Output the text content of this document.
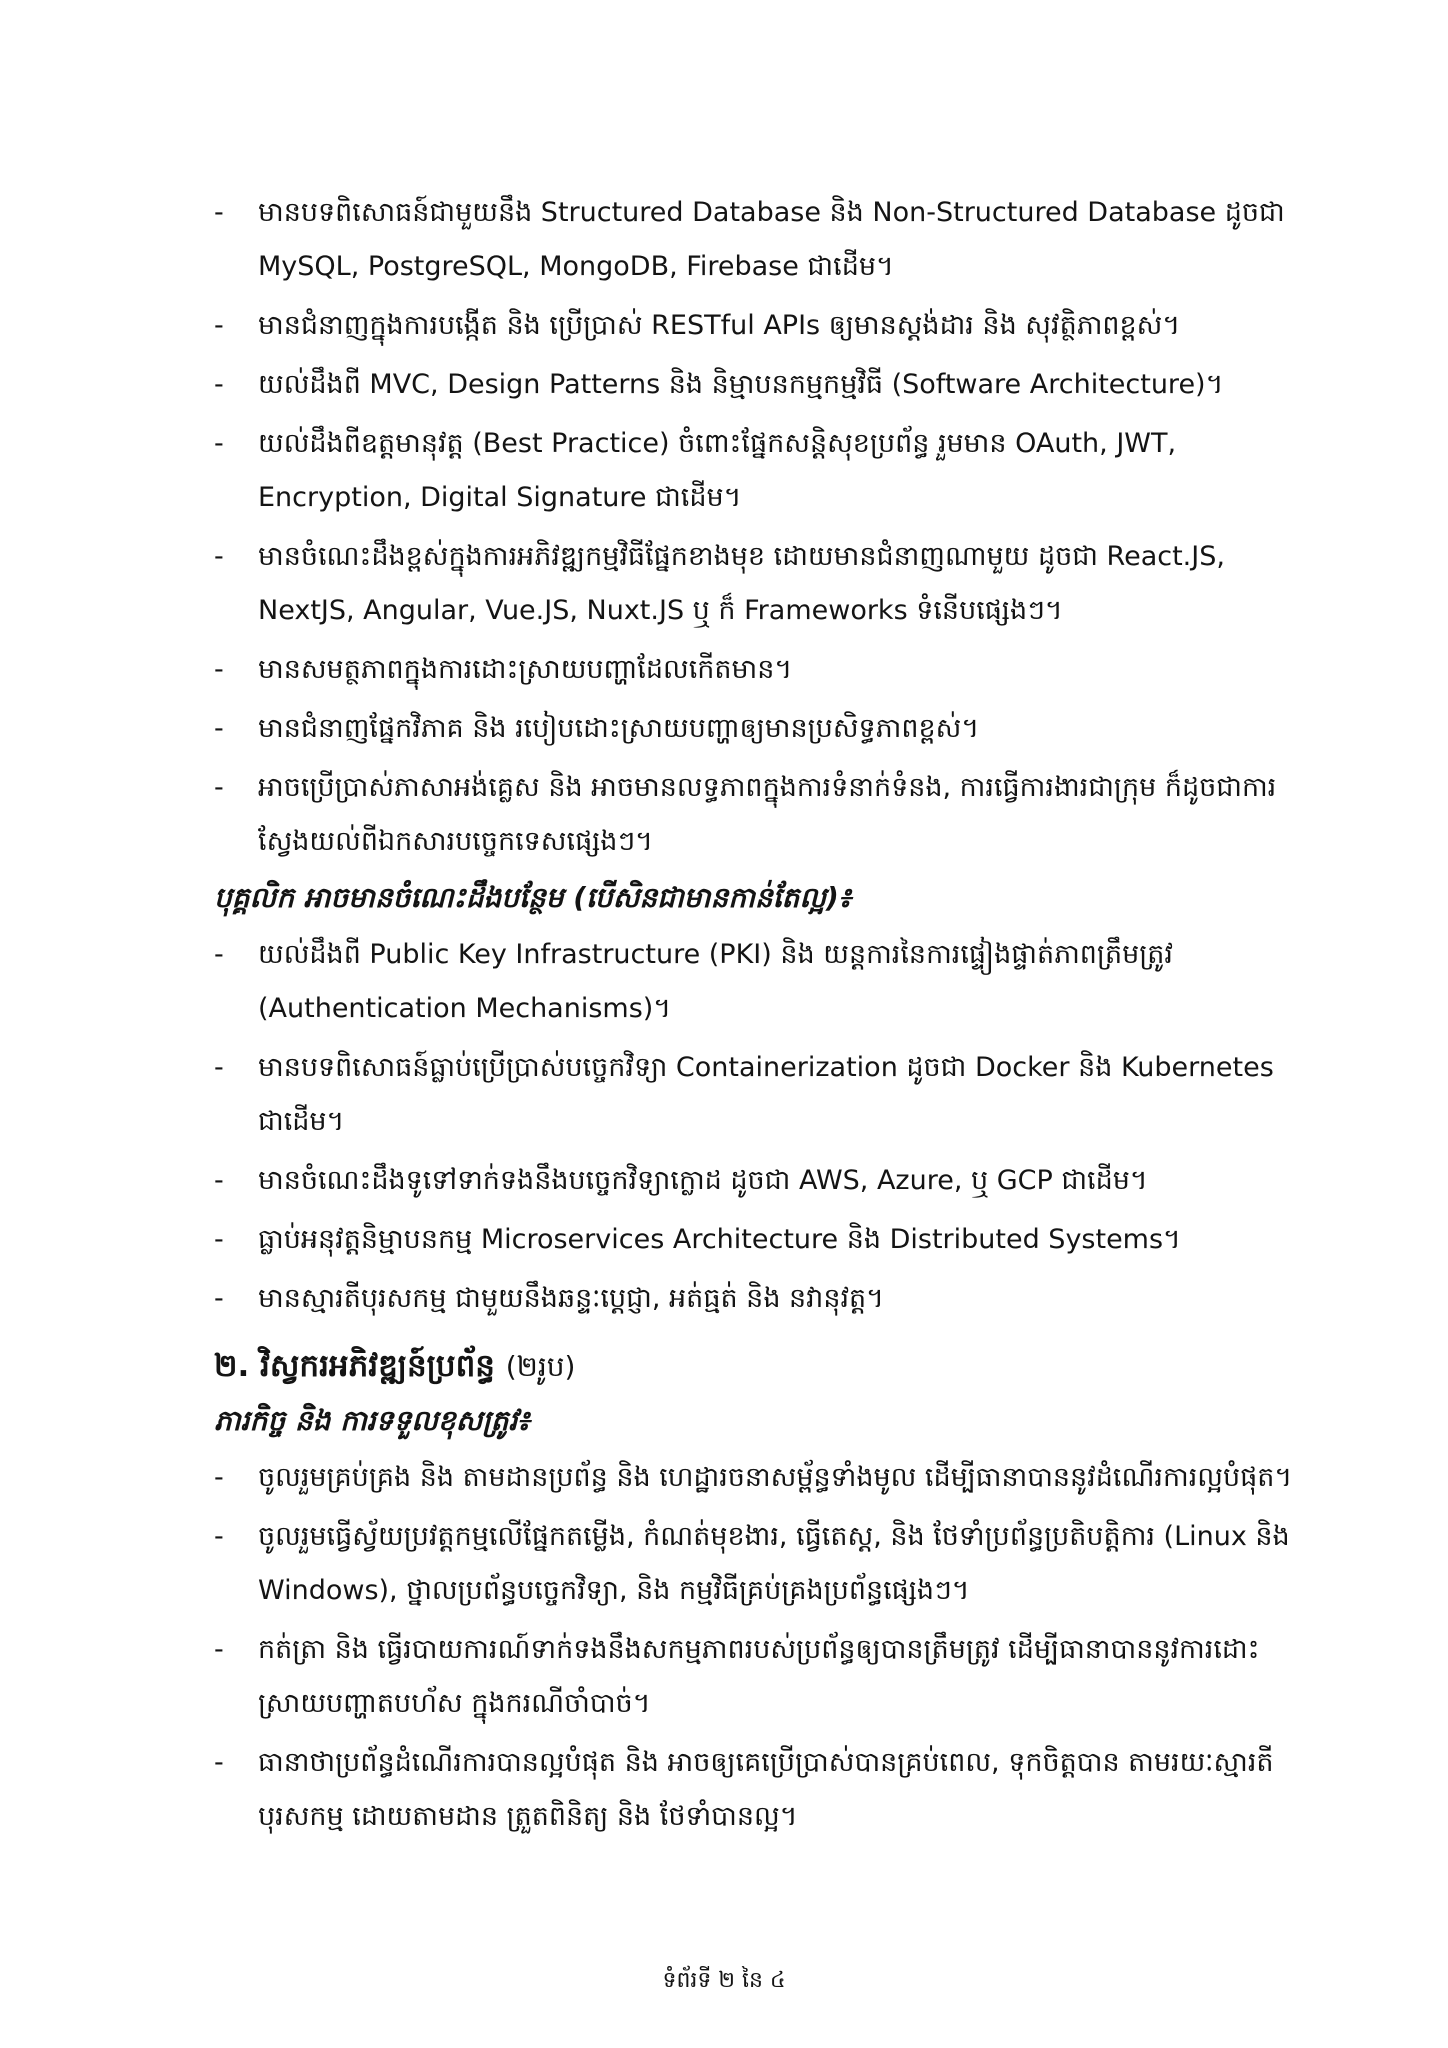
- មានបទពិសោធន៍ជាមួយនឹង Structured Database និង Non-Structured Database ដូចជា MySQL, PostgreSQL, MongoDB, Firebase ជាដើម។
- មានជំនាញក្នុងការបង្កើត និង ប្រើប្រាស់ RESTful APIs ឲ្យមានស្តង់ដារ និង សុវត្ថិភាពខ្ពស់។
- យល់ដឹងពី MVC, Design Patterns និង និម្មាបនកម្មកម្មវិធី (Software Architecture)។
- យល់ដឹងពីឧត្តមានុវត្ត (Best Practice) ចំពោះផ្នែកសន្តិសុខប្រព័ន្ធ រួមមាន OAuth, JWT, Encryption, Digital Signature ជាដើម។
- មានចំណេះដឹងខ្ពស់ក្នុងការអភិវឌ្ឍកម្មវិធីផ្នែកខាងមុខ ដោយមានជំនាញណាមួយ ដូចជា React.JS, NextJS, Angular, Vue.JS, Nuxt.JS ឬ ក៏ Frameworks ទំនើបផ្សេងៗ។
- មានសមត្ថភាពក្នុងការដោះស្រាយបញ្ហាដែលកើតមាន។
- មានជំនាញផ្នែកវិភាគ និង របៀបដោះស្រាយបញ្ហាឲ្យមានប្រសិទ្ធភាពខ្ពស់។
- អាចប្រើប្រាស់ភាសាអង់គ្លេស និង អាចមានលទ្ធភាពក្នុងការទំនាក់ទំនង, ការធ្វើការងារជាក្រុម ក៏ដូចជាការស្វែងយល់ពីឯកសារបច្ចេកទេសផ្សេងៗ។
បុគ្គលិក អាចមានចំណេះដឹងបន្ថែម (បើសិនជាមានកាន់តែល្អ)៖
- យល់ដឹងពី Public Key Infrastructure (PKI) និង យន្តការនៃការផ្ទៀងផ្ទាត់ភាពត្រឹមត្រូវ (Authentication Mechanisms)។
- មានបទពិសោធន៍ធ្លាប់ប្រើប្រាស់បច្ចេកវិទ្យា Containerization ដូចជា Docker និង Kubernetes ជាដើម។
- មានចំណេះដឹងទូទៅទាក់ទងនឹងបច្ចេកវិទ្យាក្លោដ ដូចជា AWS, Azure, ឬ GCP ជាដើម។
- ធ្លាប់អនុវត្តនិម្មាបនកម្ម Microservices Architecture និង Distributed Systems។
- មានស្មារតីបុរសកម្ម ជាមួយនឹងឆន្ទៈប្តេជ្ញា, អត់ធ្មត់ និង នវានុវត្ត។
២. វិស្វករអភិវឌ្ឍន៍ប្រព័ន្ធ (២រូប)
ភារកិច្ច និង ការទទួលខុសត្រូវ៖
- ចូលរួមគ្រប់គ្រង និង តាមដានប្រព័ន្ធ និង ហេដ្ឋារចនាសម្ព័ន្ធទាំងមូល ដើម្បីធានាបាននូវដំណើរការល្អបំផុត។
- ចូលរួមធ្វើស្វ័យប្រវត្តកម្មលើផ្នែកតម្លើង, កំណត់មុខងារ, ធ្វើតេស្ត, និង ថែទាំប្រព័ន្ធប្រតិបត្តិការ (Linux និង Windows), ថ្នាលប្រព័ន្ធបច្ចេកវិទ្យា, និង កម្មវិធីគ្រប់គ្រងប្រព័ន្ធផ្សេងៗ។
- កត់ត្រា និង ធ្វើរបាយការណ៍ទាក់ទងនឹងសកម្មភាពរបស់ប្រព័ន្ធឲ្យបានត្រឹមត្រូវ ដើម្បីធានាបាននូវការដោះស្រាយបញ្ហាតបហ័ស ក្នុងករណីចាំបាច់។
- ធានាថាប្រព័ន្ធដំណើរការបានល្អបំផុត និង អាចឲ្យគេប្រើប្រាស់បានគ្រប់ពេល, ទុកចិត្តបាន តាមរយៈស្មារតីបុរសកម្ម ដោយតាមដាន ត្រួតពិនិត្យ និង ថែទាំបានល្អ។
ទំព័រទី ២ នៃ ៤
